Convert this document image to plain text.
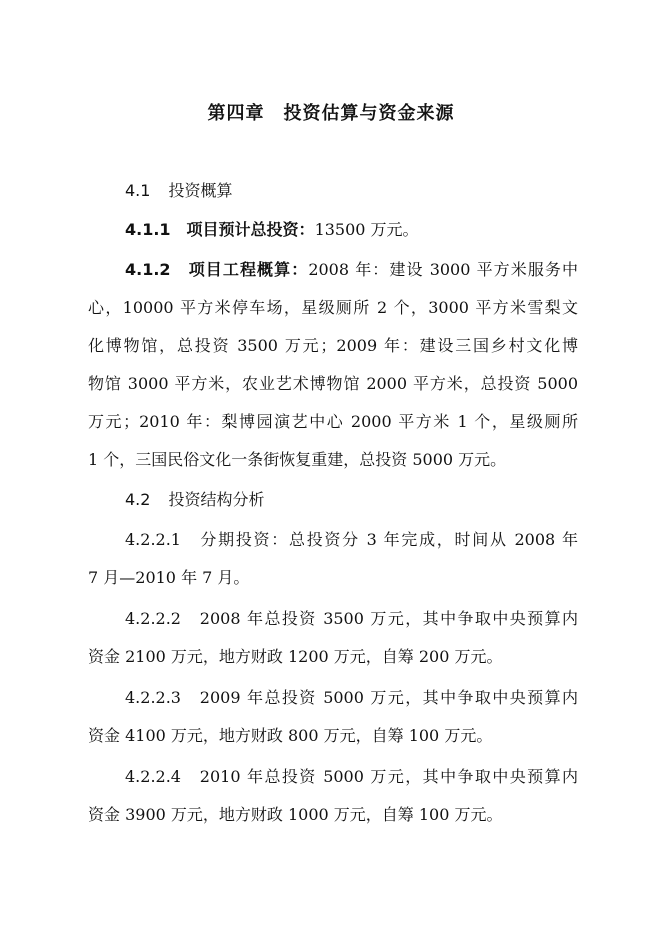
第四章　投资估算与资金来源
4.1 投资概算
4.1.1　项目预计总投资：13500 万元。
4.1.2　项目工程概算：2008 年：建设 3000 平方米服务中
心，10000 平方米停车场，星级厕所 2 个，3000 平方米雪梨文
化博物馆，总投资 3500 万元；2009 年：建设三国乡村文化博
物馆 3000 平方米，农业艺术博物馆 2000 平方米，总投资 5000
万元；2010 年：梨博园演艺中心 2000 平方米 1 个，星级厕所
1 个，三国民俗文化一条街恢复重建，总投资 5000 万元。
4.2 投资结构分析
4.2.2.1　分期投资：总投资分 3 年完成，时间从 2008 年
7 月—2010 年 7 月。
4.2.2.2　2008 年总投资 3500 万元，其中争取中央预算内
资金 2100 万元，地方财政 1200 万元，自筹 200 万元。
4.2.2.3　2009 年总投资 5000 万元，其中争取中央预算内
资金 4100 万元，地方财政 800 万元，自筹 100 万元。
4.2.2.4　2010 年总投资 5000 万元，其中争取中央预算内
资金 3900 万元，地方财政 1000 万元，自筹 100 万元。
